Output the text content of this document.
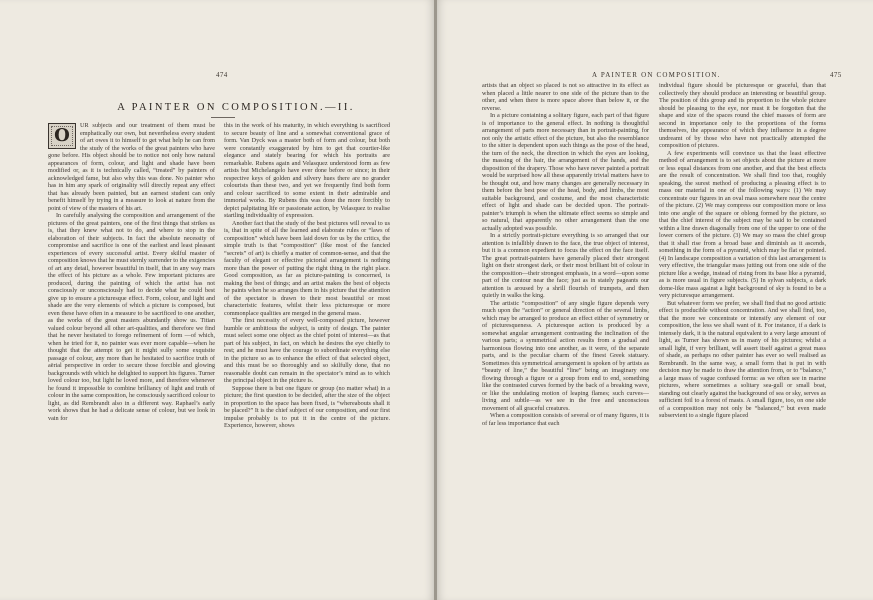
474
A PAINTER ON COMPOSITION.—II.

O	UR subjects and our treatment of them must be emphatically our own, but nevertheless every student of art owes it to himself to get what help he can from the study of the works of the great painters who have gone before. His object should be to notice not only how natural appearances of form, colour, and light and shade have been modified or, as it is technically called, “treated” by painters of acknowledged fame, but also why this was done. No painter who has in him any spark of originality will directly repeat any effect that has already been painted, but an earnest student can only benefit himself by trying in a measure to look at nature from the point of view of the masters of his art.

In carefully analysing the composition and arrangement of the pictures of the great painters, one of the first things that strikes us is, that they knew what not to do, and where to stop in the elaboration of their subjects. In fact the absolute necessity of compromise and sacrifice is one of the earliest and least pleasant experiences of every successful artist. Every skilful master of composition knows that he must sternly surrender to the exigencies of art any detail, however beautiful in itself, that in any way mars the effect of his picture as a whole. Few important pictures are produced, during the painting of which the artist has not consciously or unconsciously had to decide what he could best give up to ensure a picturesque effect. Form, colour, and light and shade are the very elements of which a picture is composed, but even these have often in a measure to be sacrificed to one another, as the works of the great masters abundantly show us. Titian valued colour beyond all other art-qualities, and therefore we find that he never hesitated to forego refinement of form —of which, when he tried for it, no painter was ever more capable—when he thought that the attempt to get it might sully some exquisite passage of colour, any more than he hesitated to sacrifice truth of aërial perspective in order to secure those forcible and glowing backgrounds with which he delighted to support his figures. Turner loved colour too, but light he loved more, and therefore whenever he found it impossible to combine brilliancy of light and truth of colour in the same composition, he consciously sacrificed colour to light, as did Rembrandt also in a different way. Raphael’s early work shows that he had a delicate sense of colour, but we look in vain for

this in the work of his maturity, in which everything is sacrificed to secure beauty of line and a somewhat conventional grace of form. Van Dyck was a master both of form and colour, but both were constantly exaggerated by him to get that courtier-like elegance and stately bearing for which his portraits are remarkable. Rubens again and Velasquez understood form as few artists but Michelangelo have ever done before or since; in their respective keys of golden and silvery hues there are no grander colourists than these two, and yet we frequently find both form and colour sacrificed to some extent in their admirable and immortal works. By Rubens this was done the more forcibly to depict palpitating life or passionate action, by Velasquez to realise startling individuality of expression.

Another fact that the study of the best pictures will reveal to us is, that in spite of all the learned and elaborate rules or “laws of composition” which have been laid down for us by the critics, the simple truth is that “composition” (like most of the fancied “secrets” of art) is chiefly a matter of common-sense, and that the faculty of elegant or effective pictorial arrangement is nothing more than the power of putting the right thing in the right place. Good composition, as far as picture-painting is concerned, is making the best of things; and an artist makes the best of objects he paints when he so arranges them in his picture that the attention of the spectator is drawn to their most beautiful or most characteristic features, whilst their less picturesque or more commonplace qualities are merged in the general mass.

The first necessity of every well-composed picture, however humble or ambitious the subject, is unity of design. The painter must select some one object as the chief point of interest—as that part of his subject, in fact, on which he desires the eye chiefly to rest; and he must have the courage to subordinate everything else in the picture so as to enhance the effect of that selected object, and this must be so thoroughly and so skilfully done, that no reasonable doubt can remain in the spectator’s mind as to which the principal object in the picture is.

Suppose there is but one figure or group (no matter what) in a picture; the first question to be decided, after the size of the object in proportion to the space has been fixed, is “whereabouts shall it be placed?” It is the chief subject of our composition, and our first impulse probably is to put it in the centre of the picture. Experience, however, shows

A PAINTER ON COMPOSITION.	475

artists that an object so placed is not so attractive in its effect as when placed a little nearer to one side of the picture than to the other, and when there is more space above than below it, or the reverse.

In a picture containing a solitary figure, each part of that figure is of importance to the general effect. In nothing is thoughtful arrangement of parts more necessary than in portrait-painting, for not only the artistic effect of the picture, but also the resemblance to the sitter is dependent upon such things as the pose of the head, the turn of the neck, the direction in which the eyes are looking, the massing of the hair, the arrangement of the hands, and the disposition of the drapery. Those who have never painted a portrait would be surprised how all these apparently trivial matters have to be thought out, and how many changes are generally necessary in them before the best pose of the head, body, and limbs, the most suitable background, and costume, and the most characteristic effect of light and shade can be decided upon. The portrait-painter’s triumph is when the ultimate effect seems so simple and so natural, that apparently no other arrangement than the one actually adopted was possible.

In a strictly portrait-picture everything is so arranged that our attention is infallibly drawn to the face, the true object of interest, but it is a common expedient to focus the effect on the face itself. The great portrait-painters have generally placed their strongest light on their strongest dark, or their most brilliant bit of colour in the composition—their strongest emphasis, in a word—upon some part of the contour near the face; just as in stately pageants our attention is aroused by a shrill flourish of trumpets, and then quietly in walks the king.

The artistic “composition” of any single figure depends very much upon the “action” or general direction of the several limbs, which may be arranged to produce an effect either of symmetry or of picturesqueness. A picturesque action is produced by a somewhat angular arrangement contrasting the inclination of the various parts; a symmetrical action results from a gradual and harmonious flowing into one another, as it were, of the separate parts, and is the peculiar charm of the finest Greek statuary. Sometimes this symmetrical arrangement is spoken of by artists as “beauty of line,” the beautiful “line” being an imaginary one flowing through a figure or a group from end to end, something like the contrasted curves formed by the back of a breaking wave, or like the undulating motion of leaping flames; such curves—living and subtle—as we see in the free and unconscious movement of all graceful creatures.

When a composition consists of several or of many figures, it is of far less importance that each

individual figure should be picturesque or graceful, than that collectively they should produce an interesting or beautiful group. The position of this group and its proportion to the whole picture should be pleasing to the eye, nor must it be forgotten that the shape and size of the spaces round the chief masses of form are second in importance only to the proportions of the forms themselves, the appearance of which they influence in a degree undreamt of by those who have not practically attempted the composition of pictures.

A few experiments will convince us that the least effective method of arrangement is to set objects about the picture at more or less equal distances from one another, and that the best effects are the result of concentration. We shall find too that, roughly speaking, the surest method of producing a pleasing effect is to mass our material in one of the following ways: (1) We may concentrate our figures in an oval mass somewhere near the centre of the picture. (2) We may compress our composition more or less into one angle of the square or oblong formed by the picture, so that the chief interest of the subject may be said to be contained within a line drawn diagonally from one of the upper to one of the lower corners of the picture. (3) We may so mass the chief group that it shall rise from a broad base and diminish as it ascends, something in the form of a pyramid, which may be flat or pointed. (4) In landscape composition a variation of this last arrangement is very effective, the triangular mass jutting out from one side of the picture like a wedge, instead of rising from its base like a pyramid, as is more usual in figure subjects. (5) In sylvan subjects, a dark dome-like mass against a light background of sky is found to be a very picturesque arrangement.

But whatever form we prefer, we shall find that no good artistic effect is producible without concentration. And we shall find, too, that the more we concentrate or intensify any element of our composition, the less we shall want of it. For instance, if a dark is intensely dark, it is the natural equivalent to a very large amount of light, as Turner has shown us in many of his pictures; whilst a small light, if very brilliant, will assert itself against a great mass of shade, as perhaps no other painter has ever so well realised as Rembrandt. In the same way, a small form that is put in with decision may be made to draw the attention from, or to “balance,” a large mass of vague confused forms: as we often see in marine pictures, where sometimes a solitary sea-gull or small boat, standing out clearly against the background of sea or sky, serves as sufficient foil to a forest of masts. A small figure, too, on one side of a composition may not only be “balanced,” but even made subservient to a single figure placed
